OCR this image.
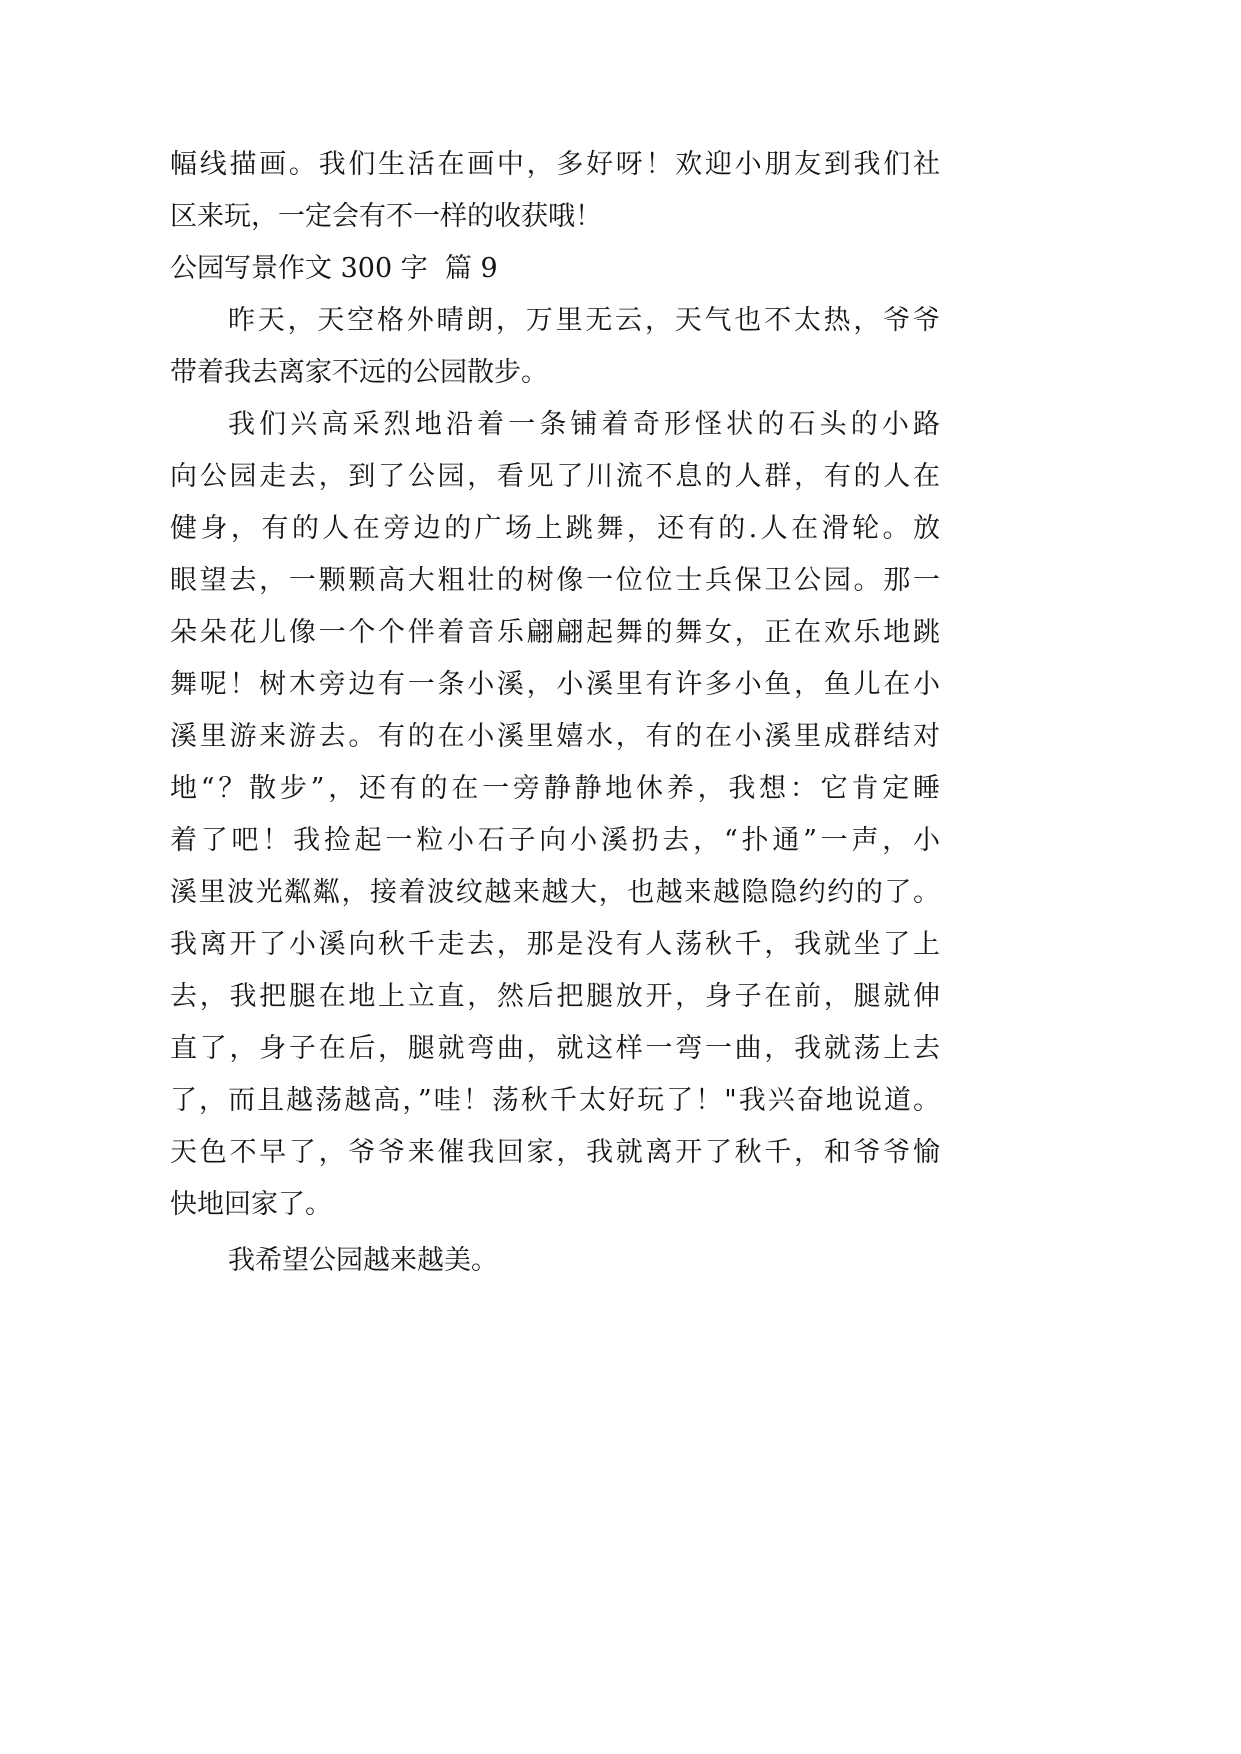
幅线描画。我们生活在画中，多好呀！欢迎小朋友到我们社
区来玩，一定会有不一样的收获哦！
公园写景作文 300 字  篇 9
昨天，天空格外晴朗，万里无云，天气也不太热，爷爷
带着我去离家不远的公园散步。
我们兴高采烈地沿着一条铺着奇形怪状的石头的小路
向公园走去，到了公园，看见了川流不息的人群，有的人在
健身，有的人在旁边的广场上跳舞，还有的.人在滑轮。放
眼望去，一颗颗高大粗壮的树像一位位士兵保卫公园。那一
朵朵花儿像一个个伴着音乐翩翩起舞的舞女，正在欢乐地跳
舞呢！树木旁边有一条小溪，小溪里有许多小鱼，鱼儿在小
溪里游来游去。有的在小溪里嬉水，有的在小溪里成群结对
地“？散步”，还有的在一旁静静地休养，我想：它肯定睡
着了吧！我捡起一粒小石子向小溪扔去，“扑通”一声，小
溪里波光粼粼，接着波纹越来越大，也越来越隐隐约约的了。
我离开了小溪向秋千走去，那是没有人荡秋千，我就坐了上
去，我把腿在地上立直，然后把腿放开，身子在前，腿就伸
直了，身子在后，腿就弯曲，就这样一弯一曲，我就荡上去
了，而且越荡越高，”哇！荡秋千太好玩了！"我兴奋地说道。
天色不早了，爷爷来催我回家，我就离开了秋千，和爷爷愉
快地回家了。
我希望公园越来越美。
